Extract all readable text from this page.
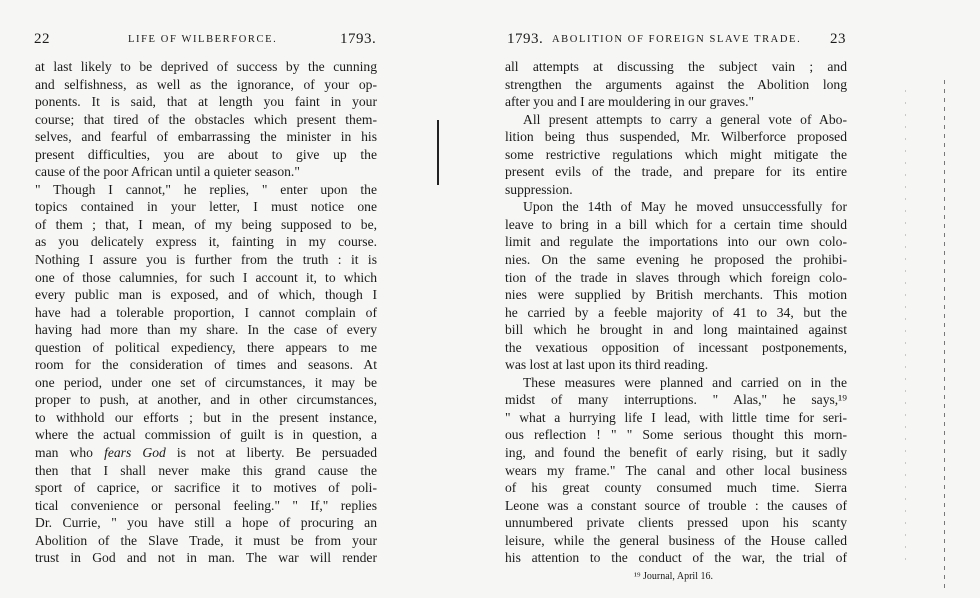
22	LIFE OF WILBERFORCE.	1793.
at last likely to be deprived of success by the cunning
and selfishness, as well as the ignorance, of your op-
ponents. It is said, that at length you faint in your
course; that tired of the obstacles which present them-
selves, and fearful of embarrassing the minister in his
present difficulties, you are about to give up the
cause of the poor African until a quieter season."
" Though I cannot," he replies, " enter upon the
topics contained in your letter, I must notice one
of them ; that, I mean, of my being supposed to be,
as you delicately express it, fainting in my course.
Nothing I assure you is further from the truth : it is
one of those calumnies, for such I account it, to which
every public man is exposed, and of which, though I
have had a tolerable proportion, I cannot complain of
having had more than my share. In the case of every
question of political expediency, there appears to me
room for the consideration of times and seasons. At
one period, under one set of circumstances, it may be
proper to push, at another, and in other circumstances,
to withhold our efforts ; but in the present instance,
where the actual commission of guilt is in question, a
man who fears God is not at liberty. Be persuaded
then that I shall never make this grand cause the
sport of caprice, or sacrifice it to motives of poli-
tical convenience or personal feeling." " If," replies
Dr. Currie, " you have still a hope of procuring an
Abolition of the Slave Trade, it must be from your
trust in God and not in man. The war will render
1793. ABOLITION OF FOREIGN SLAVE TRADE. 23
all attempts at discussing the subject vain ; and
strengthen the arguments against the Abolition long
after you and I are mouldering in our graves."
All present attempts to carry a general vote of Abo-
lition being thus suspended, Mr. Wilberforce proposed
some restrictive regulations which might mitigate the
present evils of the trade, and prepare for its entire
suppression.
Upon the 14th of May he moved unsuccessfully for
leave to bring in a bill which for a certain time should
limit and regulate the importations into our own colo-
nies. On the same evening he proposed the prohibi-
tion of the trade in slaves through which foreign colo-
nies were supplied by British merchants. This motion
he carried by a feeble majority of 41 to 34, but the
bill which he brought in and long maintained against
the vexatious opposition of incessant postponements,
was lost at last upon its third reading.
These measures were planned and carried on in the
midst of many interruptions. " Alas," he says,¹⁹
" what a hurrying life I lead, with little time for seri-
ous reflection ! " " Some serious thought this morn-
ing, and found the benefit of early rising, but it sadly
wears my frame." The canal and other local business
of his great county consumed much time. Sierra
Leone was a constant source of trouble : the causes of
unnumbered private clients pressed upon his scanty
leisure, while the general business of the House called
his attention to the conduct of the war, the trial of
¹⁹ Journal, April 16.
